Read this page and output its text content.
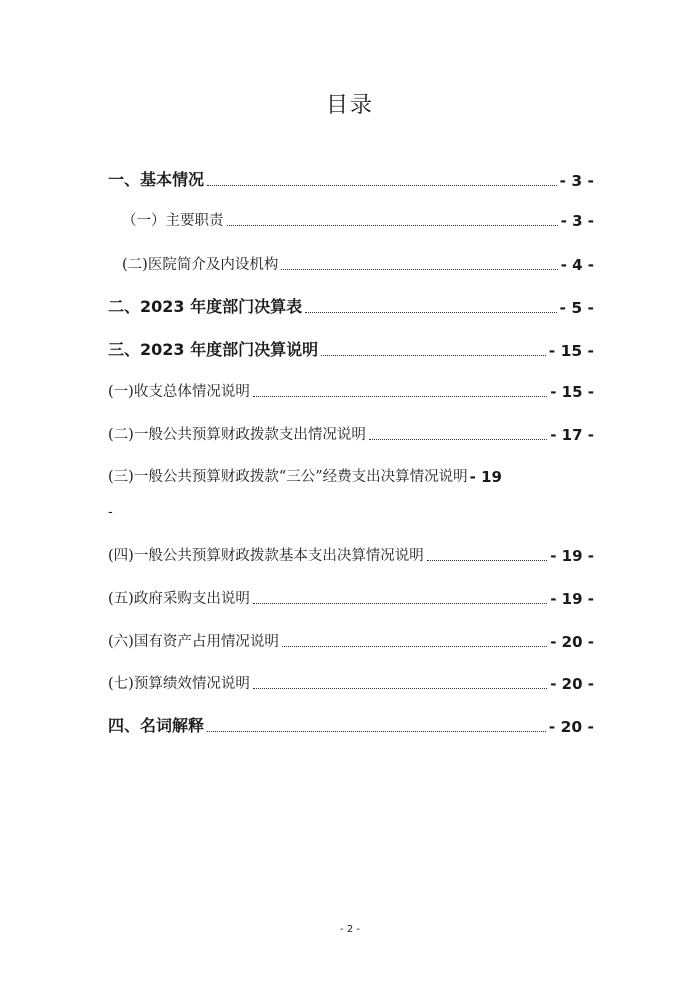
目录
一、基本情况	- 3 -
（一）主要职责	- 3 -
(二)医院简介及内设机构	- 4 -
二、2023 年度部门决算表	- 5 -
三、2023 年度部门决算说明	- 15 -
(一)收支总体情况说明	- 15 -
(二)一般公共预算财政拨款支出情况说明	- 17 -
(三)一般公共预算财政拨款“三公”经费支出决算情况说明 - 19
-
(四)一般公共预算财政拨款基本支出决算情况说明	- 19 -
(五)政府采购支出说明	- 19 -
(六)国有资产占用情况说明	- 20 -
(七)预算绩效情况说明	- 20 -
四、名词解释	- 20 -
- 2 -
